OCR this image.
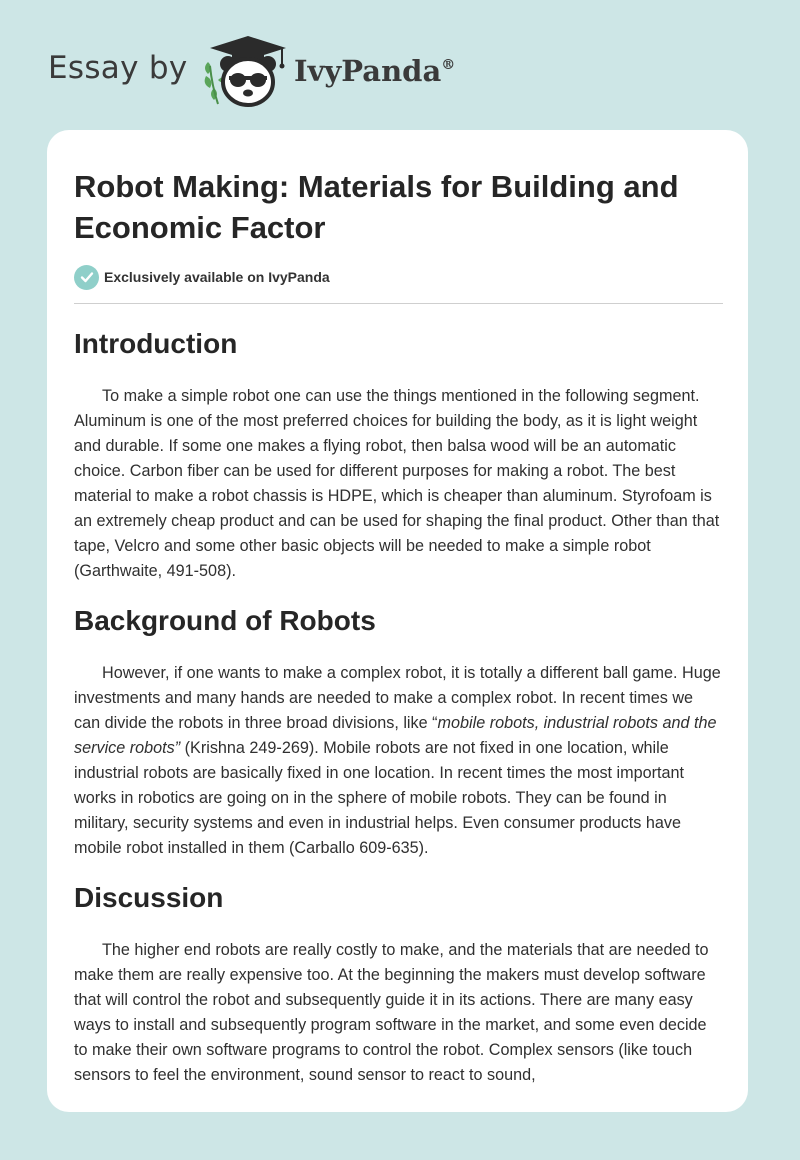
Essay by	IvyPanda®
Robot Making: Materials for Building and Economic Factor
Exclusively available on IvyPanda
Introduction

To make a simple robot one can use the things mentioned in the following segment. Aluminum is one of the most preferred choices for building the body, as it is light weight and durable. If some one makes a flying robot, then balsa wood will be an automatic choice. Carbon fiber can be used for different purposes for making a robot. The best material to make a robot chassis is HDPE, which is cheaper than aluminum. Styrofoam is an extremely cheap product and can be used for shaping the final product. Other than that tape, Velcro and some other basic objects will be needed to make a simple robot (Garthwaite, 491-508).

Background of Robots

However, if one wants to make a complex robot, it is totally a different ball game. Huge investments and many hands are needed to make a complex robot. In recent times we can divide the robots in three broad divisions, like “mobile robots, industrial robots and the service robots” (Krishna 249-269). Mobile robots are not fixed in one location, while industrial robots are basically fixed in one location. In recent times the most important works in robotics are going on in the sphere of mobile robots. They can be found in military, security systems and even in industrial helps. Even consumer products have mobile robot installed in them (Carballo 609-635).

Discussion

The higher end robots are really costly to make, and the materials that are needed to make them are really expensive too. At the beginning the makers must develop software that will control the robot and subsequently guide it in its actions. There are many easy ways to install and subsequently program software in the market, and some even decide to make their own software programs to control the robot. Complex sensors (like touch sensors to feel the environment, sound sensor to react to sound,
